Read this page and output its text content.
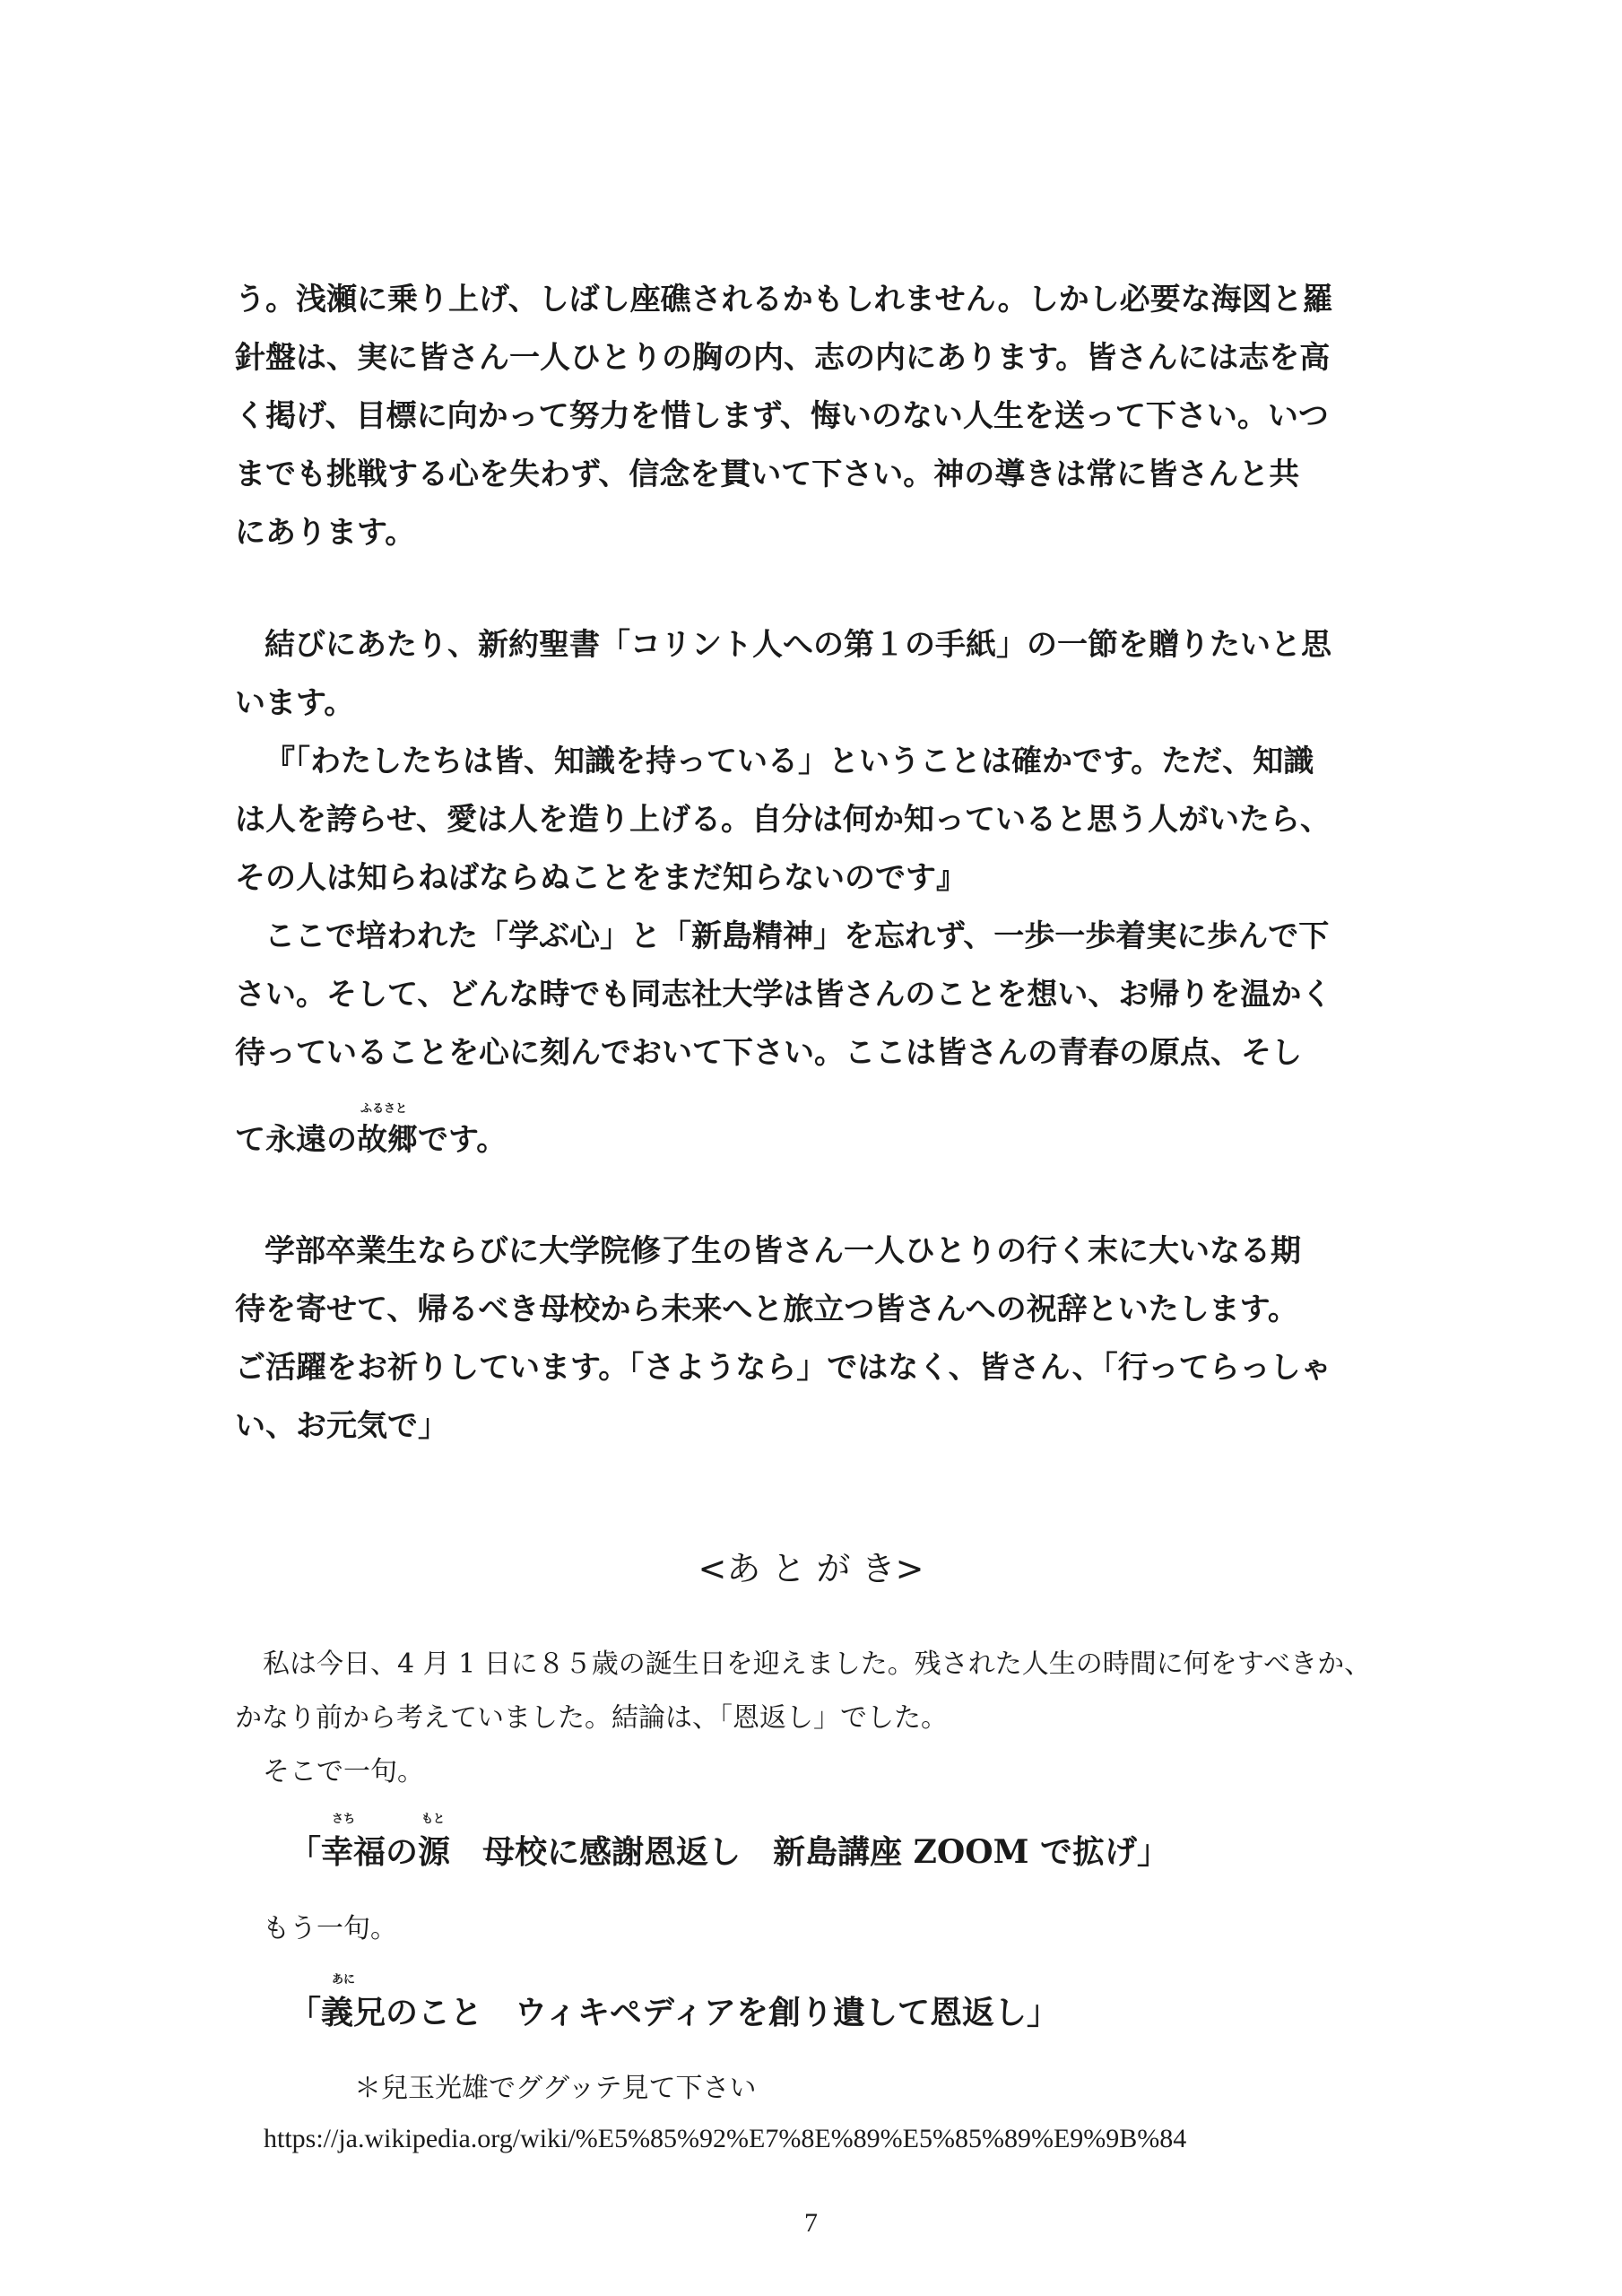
う。浅瀬に乗り上げ、しばし座礁されるかもしれません。しかし必要な海図と羅
針盤は、実に皆さん一人ひとりの胸の内、志の内にあります。皆さんには志を高
く掲げ、目標に向かって努力を惜しまず、悔いのない人生を送って下さい。いつ
までも挑戦する心を失わず、信念を貫いて下さい。神の導きは常に皆さんと共
にあります。
結びにあたり、新約聖書「コリント人への第１の手紙」の一節を贈りたいと思
います。
『「わたしたちは皆、知識を持っている」ということは確かです。ただ、知識
は人を誇らせ、愛は人を造り上げる。自分は何か知っていると思う人がいたら、
その人は知らねばならぬことをまだ知らないのです』
ここで培われた「学ぶ心」と「新島精神」を忘れず、一歩一歩着実に歩んで下
さい。そして、どんな時でも同志社大学は皆さんのことを想い、お帰りを温かく
待っていることを心に刻んでおいて下さい。ここは皆さんの青春の原点、そし
て永遠の
ふるさと
故郷です。
学部卒業生ならびに大学院修了生の皆さん一人ひとりの行く末に大いなる期
待を寄せて、帰るべき母校から未来へと旅立つ皆さんへの祝辞といたします。
ご活躍をお祈りしています。「さようなら」ではなく、皆さん、「行ってらっしゃ
い、お元気で」
<あ と が き>
私は今日、4 月 1 日に８５歳の誕生日を迎えました。残された人生の時間に何をすべきか、
かなり前から考えていました。結論は、「恩返し」でした。
そこで一句。
「
さち
幸福の
もと
源　母校に感謝恩返し　新島講座 ZOOM で拡げ」
もう一句。
「
あに
義兄のこと　ウィキペディアを創り遺して恩返し」
＊兒玉光雄でググッテ見て下さい
https://ja.wikipedia.org/wiki/%E5%85%92%E7%8E%89%E5%85%89%E9%9B%84
7
